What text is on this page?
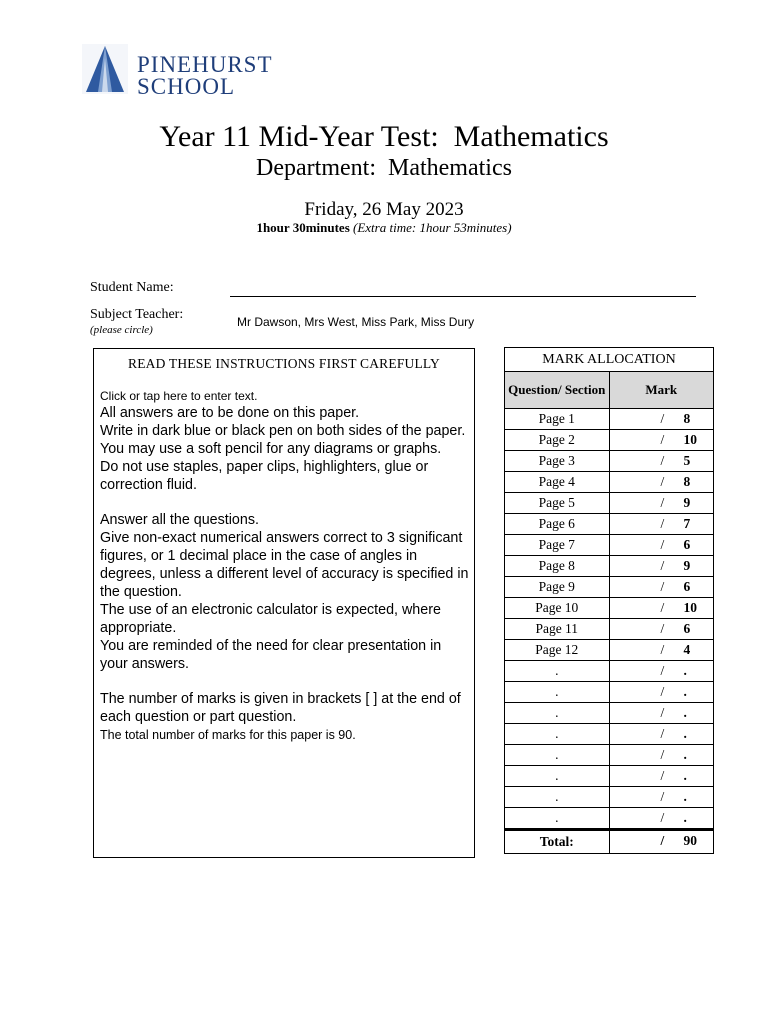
PINEHURST
SCHOOL
Year 11 Mid-Year Test:  Mathematics
Department:  Mathematics
Friday, 26 May 2023
1hour 30minutes (Extra time: 1hour 53minutes)
Student Name:
Subject Teacher:
(please circle)
Mr Dawson, Mrs West, Miss Park, Miss Dury
READ THESE INSTRUCTIONS FIRST CAREFULLY
Click or tap here to enter text.

All answers are to be done on this paper.

Write in dark blue or black pen on both sides of the paper.

You may use a soft pencil for any diagrams or graphs.

Do not use staples, paper clips, highlighters, glue or correction fluid.

Answer all the questions.

Give non-exact numerical answers correct to 3 significant figures, or 1 decimal place in the case of angles in degrees, unless a different level of accuracy is specified in the question.

The use of an electronic calculator is expected, where appropriate.

You are reminded of the need for clear presentation in your answers.

The number of marks is given in brackets [ ] at the end of each question or part question.

The total number of marks for this paper is 90.

MARK ALLOCATION	
Question/ Section	Mark
Page 1	/ 8

Page 2	/ 10

Page 3	/ 5

Page 4	/ 8

Page 5	/ 9

Page 6	/ 7

Page 7	/ 6

Page 8	/ 9

Page 9	/ 6

Page 10	/ 10

Page 11	/ 6

Page 12	/ 4

.	/ .

.	/ .

.	/ .

.	/ .

.	/ .

.	/ .

.	/ .

.	/ .

Total:	/ 90
